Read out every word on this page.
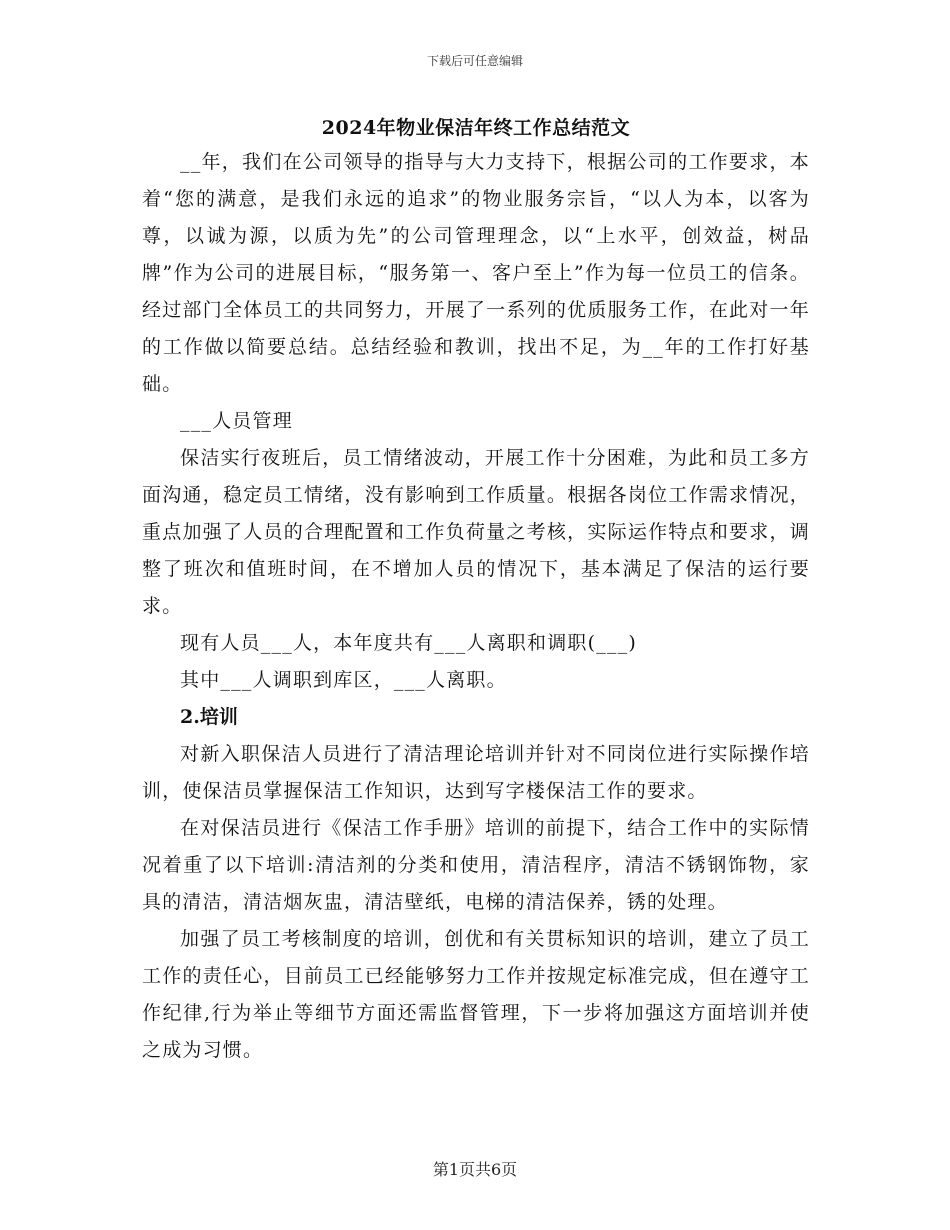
下载后可任意编辑
2024年物业保洁年终工作总结范文

__年，我们在公司领导的指导与大力支持下，根据公司的工作要求，本着“您的满意，是我们永远的追求”的物业服务宗旨，“以人为本，以客为尊，以诚为源，以质为先”的公司管理理念，以“上水平，创效益，树品牌”作为公司的进展目标，“服务第一、客户至上”作为每一位员工的信条。经过部门全体员工的共同努力，开展了一系列的优质服务工作，在此对一年的工作做以简要总结。总结经验和教训，找出不足，为__年的工作打好基础。

___人员管理

保洁实行夜班后，员工情绪波动，开展工作十分困难，为此和员工多方面沟通，稳定员工情绪，没有影响到工作质量。根据各岗位工作需求情况，重点加强了人员的合理配置和工作负荷量之考核，实际运作特点和要求，调整了班次和值班时间，在不增加人员的情况下，基本满足了保洁的运行要求。

现有人员___人，本年度共有___人离职和调职(___)

其中___人调职到库区，___人离职。

2.培训

对新入职保洁人员进行了清洁理论培训并针对不同岗位进行实际操作培训，使保洁员掌握保洁工作知识，达到写字楼保洁工作的要求。

在对保洁员进行《保洁工作手册》培训的前提下，结合工作中的实际情况着重了以下培训:清洁剂的分类和使用，清洁程序，清洁不锈钢饰物，家具的清洁，清洁烟灰盅，清洁壁纸，电梯的清洁保养，锈的处理。

加强了员工考核制度的培训，创优和有关贯标知识的培训，建立了员工工作的责任心，目前员工已经能够努力工作并按规定标准完成，但在遵守工作纪律,行为举止等细节方面还需监督管理，下一步将加强这方面培训并使之成为习惯。

第1页共6页
